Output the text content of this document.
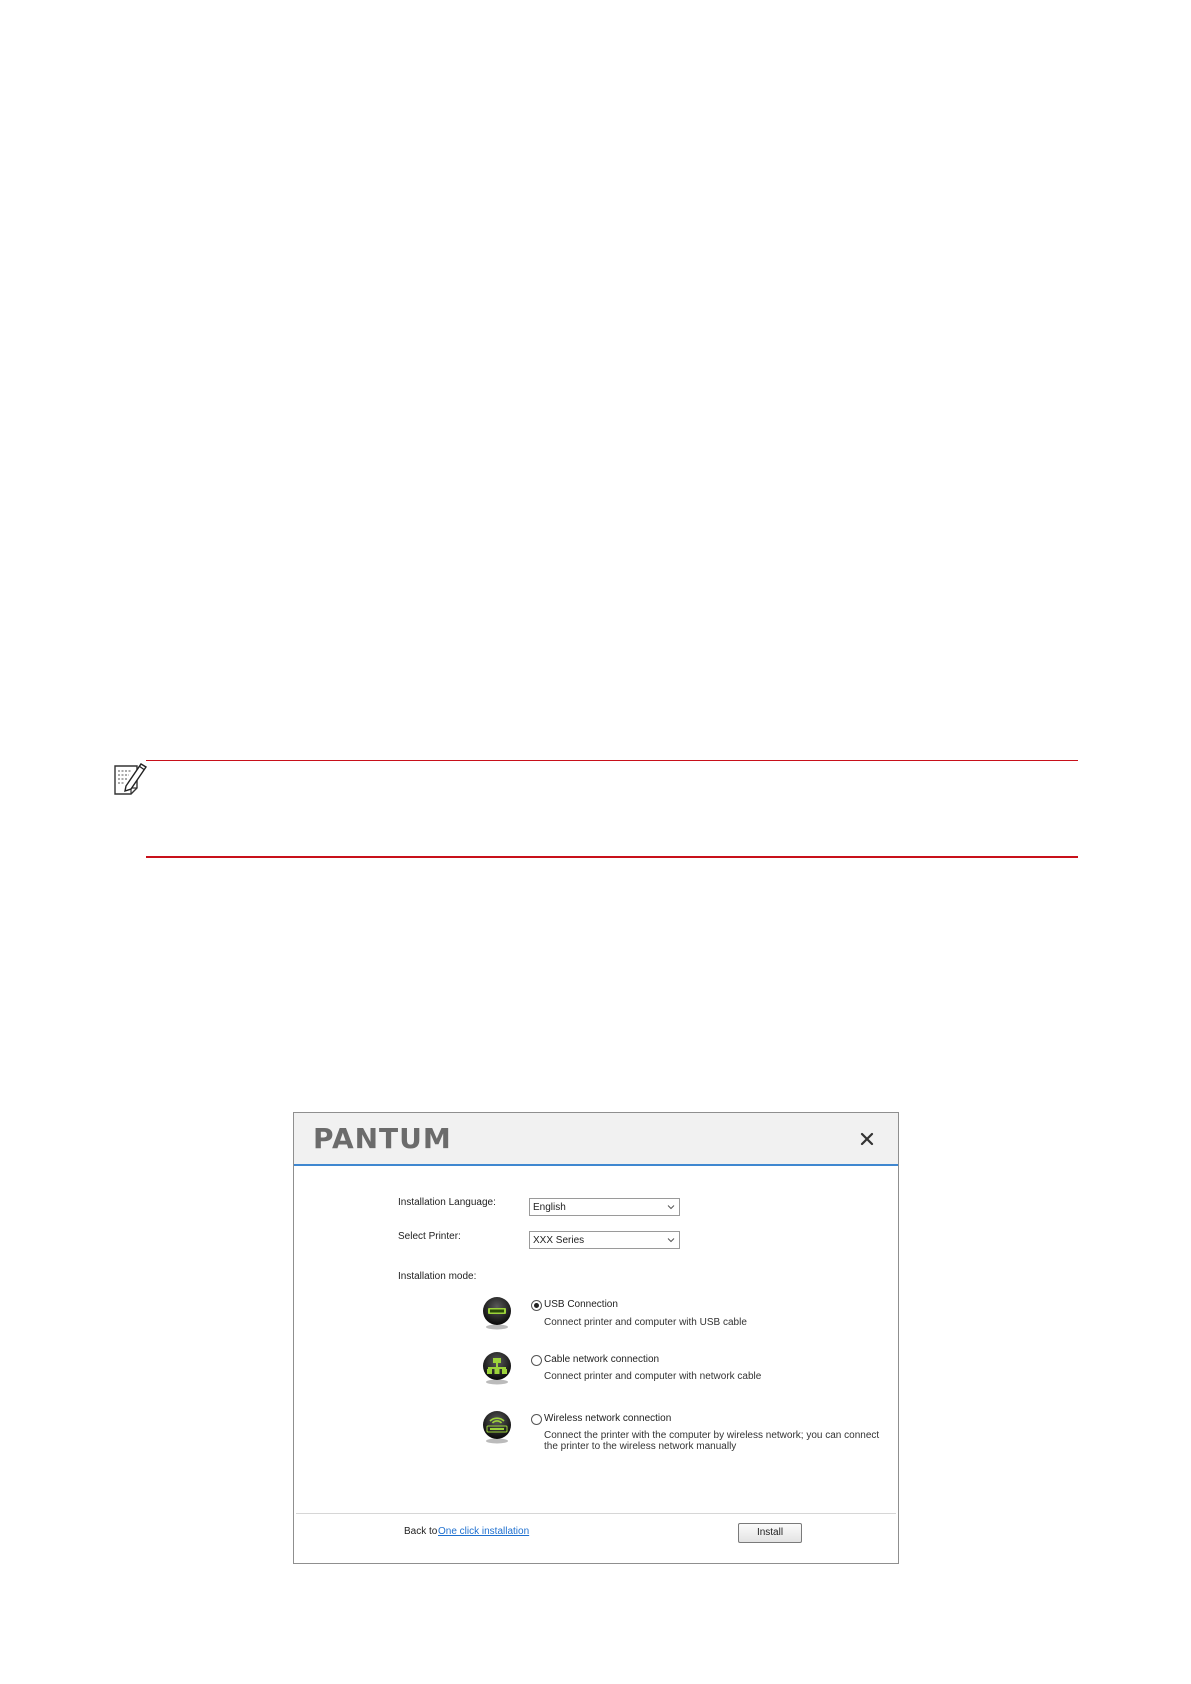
PANTUM
Installation Language:	English
Select Printer:	XXX Series
Installation mode:
USB Connection
Connect printer and computer with USB cable
Cable network connection
Connect printer and computer with network cable
Wireless network connection
Connect the printer with the computer by wireless network; you can connect
the printer to the wireless network manually
Back to One click installation	Install
